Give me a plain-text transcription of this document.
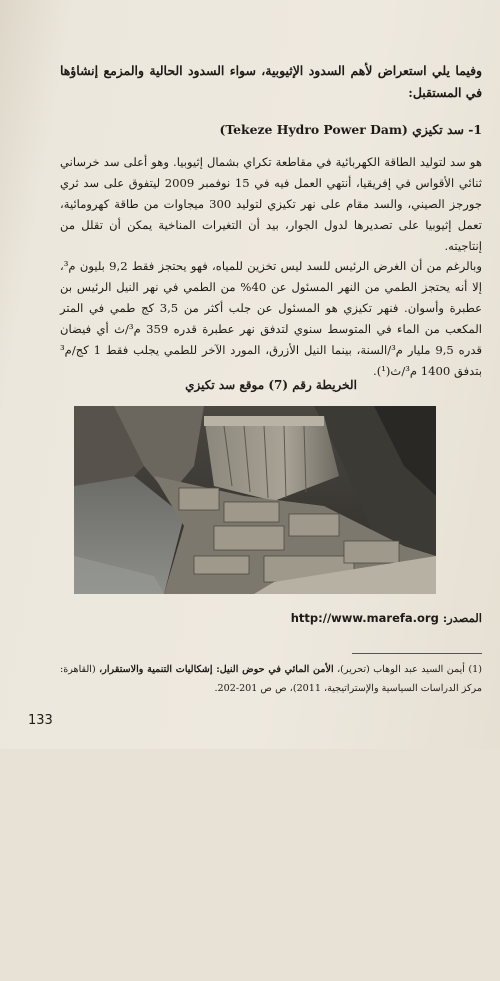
وفيما يلي استعراض لأهم السدود الإثيوبية، سواء السدود الحالية والمزمع إنشاؤها في المستقبل:
1- سد تكيزي (Tekeze Hydro Power Dam)
هو سد لتوليد الطاقة الكهربائية في مقاطعة تكراي بشمال إثيوبيا. وهو أعلى سد خرساني ثنائي الأقواس في إفريقيا، أنتهي العمل فيه في 15 نوفمبر 2009 ليتفوق على سد ثري جورجز الصيني، والسد مقام على نهر تكيزي لتوليد 300 ميجاوات من طاقة كهرومائية، تعمل إثيوبيا على تصديرها لدول الجوار، بيد أن التغيرات المناخية يمكن أن تقلل من إنتاجيته.
وبالرغم من أن الغرض الرئيس للسد ليس تخزين للمياه، فهو يحتجز فقط 9,2 بليون م³، إلا أنه يحتجز الطمي من النهر المسئول عن 40% من الطمي في نهر النيل الرئيس بن عطبرة وأسوان. فنهر تكيزي هو المسئول عن جلب أكثر من 3,5 كج طمي في المتر المكعب من الماء في المتوسط سنوي لتدفق نهر عطبرة قدره 359 م³/ث أي فيضان قدره 9,5 مليار م³/السنة، بينما النيل الأزرق، المورد الآخر للطمي يجلب فقط 1 كج/م³ بتدفق 1400 م³/ث(¹).
الخريطة رقم (7) موقع سد تكيزي
08/12/2007
المصدر: http://www.marefa.org
(1) أيمن السيد عبد الوهاب (تحرير)، الأمن المائي في حوض النيل: إشكاليات التنمية والاستقرار، (القاهرة: مركز الدراسات السياسية والإستراتيجية، 2011)، ص ص 201-202.
133
